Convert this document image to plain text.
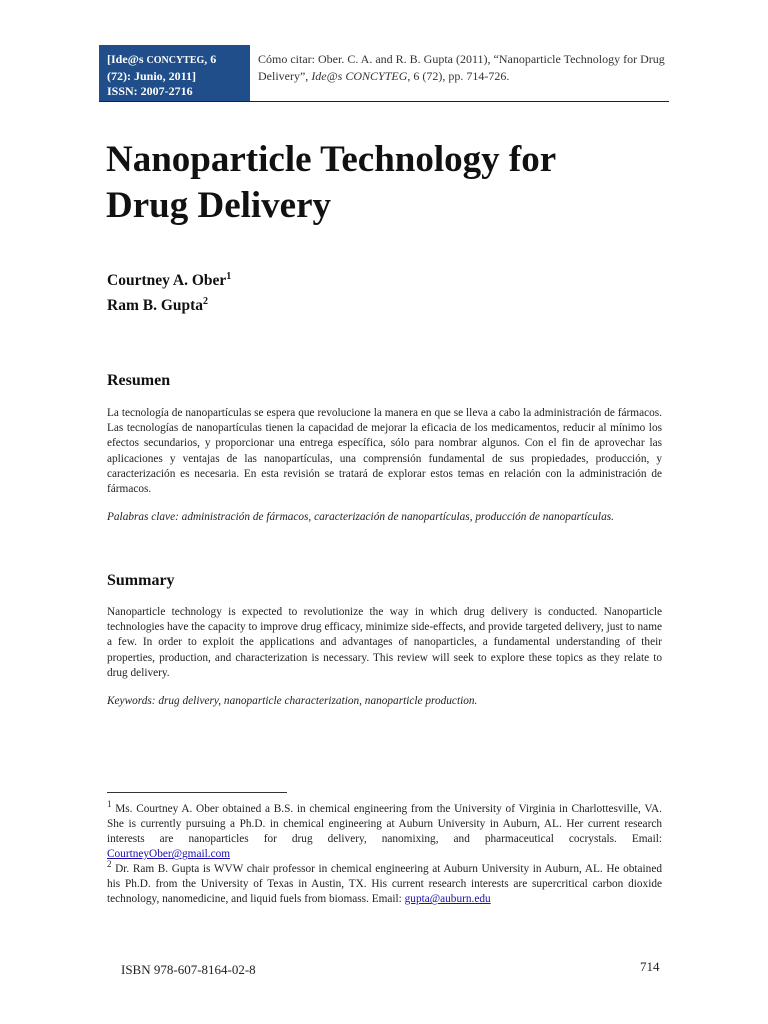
[Ide@s CONCYTEG, 6
(72): Junio, 2011]
ISSN: 2007-2716
Cómo citar: Ober. C. A. and R. B. Gupta (2011), “Nanoparticle Technology for Drug Delivery”, Ide@s CONCYTEG, 6 (72), pp. 714-726.
Nanoparticle Technology for
Drug Delivery
Courtney A. Ober$^1$
Ram B. Gupta$^2$
Resumen

La tecnología de nanopartículas se espera que revolucione la manera en que se lleva a cabo la administración de fármacos. Las tecnologías de nanopartículas tienen la capacidad de mejorar la eficacia de los medicamentos, reducir al mínimo los efectos secundarios, y proporcionar una entrega específica, sólo para nombrar algunos. Con el fin de aprovechar las aplicaciones y ventajas de las nanopartículas, una comprensión fundamental de sus propiedades, producción, y caracterización es necesaria. En esta revisión se tratará de explorar estos temas en relación con la administración de fármacos.

Palabras clave: administración de fármacos, caracterización de nanopartículas, producción de nanopartículas.

Summary

Nanoparticle technology is expected to revolutionize the way in which drug delivery is conducted. Nanoparticle technologies have the capacity to improve drug efficacy, minimize side-effects, and provide targeted delivery, just to name a few. In order to exploit the applications and advantages of nanoparticles, a fundamental understanding of their properties, production, and characterization is necessary. This review will seek to explore these topics as they relate to drug delivery.

Keywords: drug delivery, nanoparticle characterization, nanoparticle production.

$^1$ Ms. Courtney A. Ober obtained a B.S. in chemical engineering from the University of Virginia in Charlottesville, VA. She is currently pursuing a Ph.D. in chemical engineering at Auburn University in Auburn, AL. Her current research interests are nanoparticles for drug delivery, nanomixing, and pharmaceutical cocrystals. Email: CourtneyOber@gmail.com

$^2$ Dr. Ram B. Gupta is WVW chair professor in chemical engineering at Auburn University in Auburn, AL. He obtained his Ph.D. from the University of Texas in Austin, TX. His current research interests are supercritical carbon dioxide technology, nanomedicine, and liquid fuels from biomass. Email: gupta@auburn.edu

ISBN 978-607-8164-02-8	714
